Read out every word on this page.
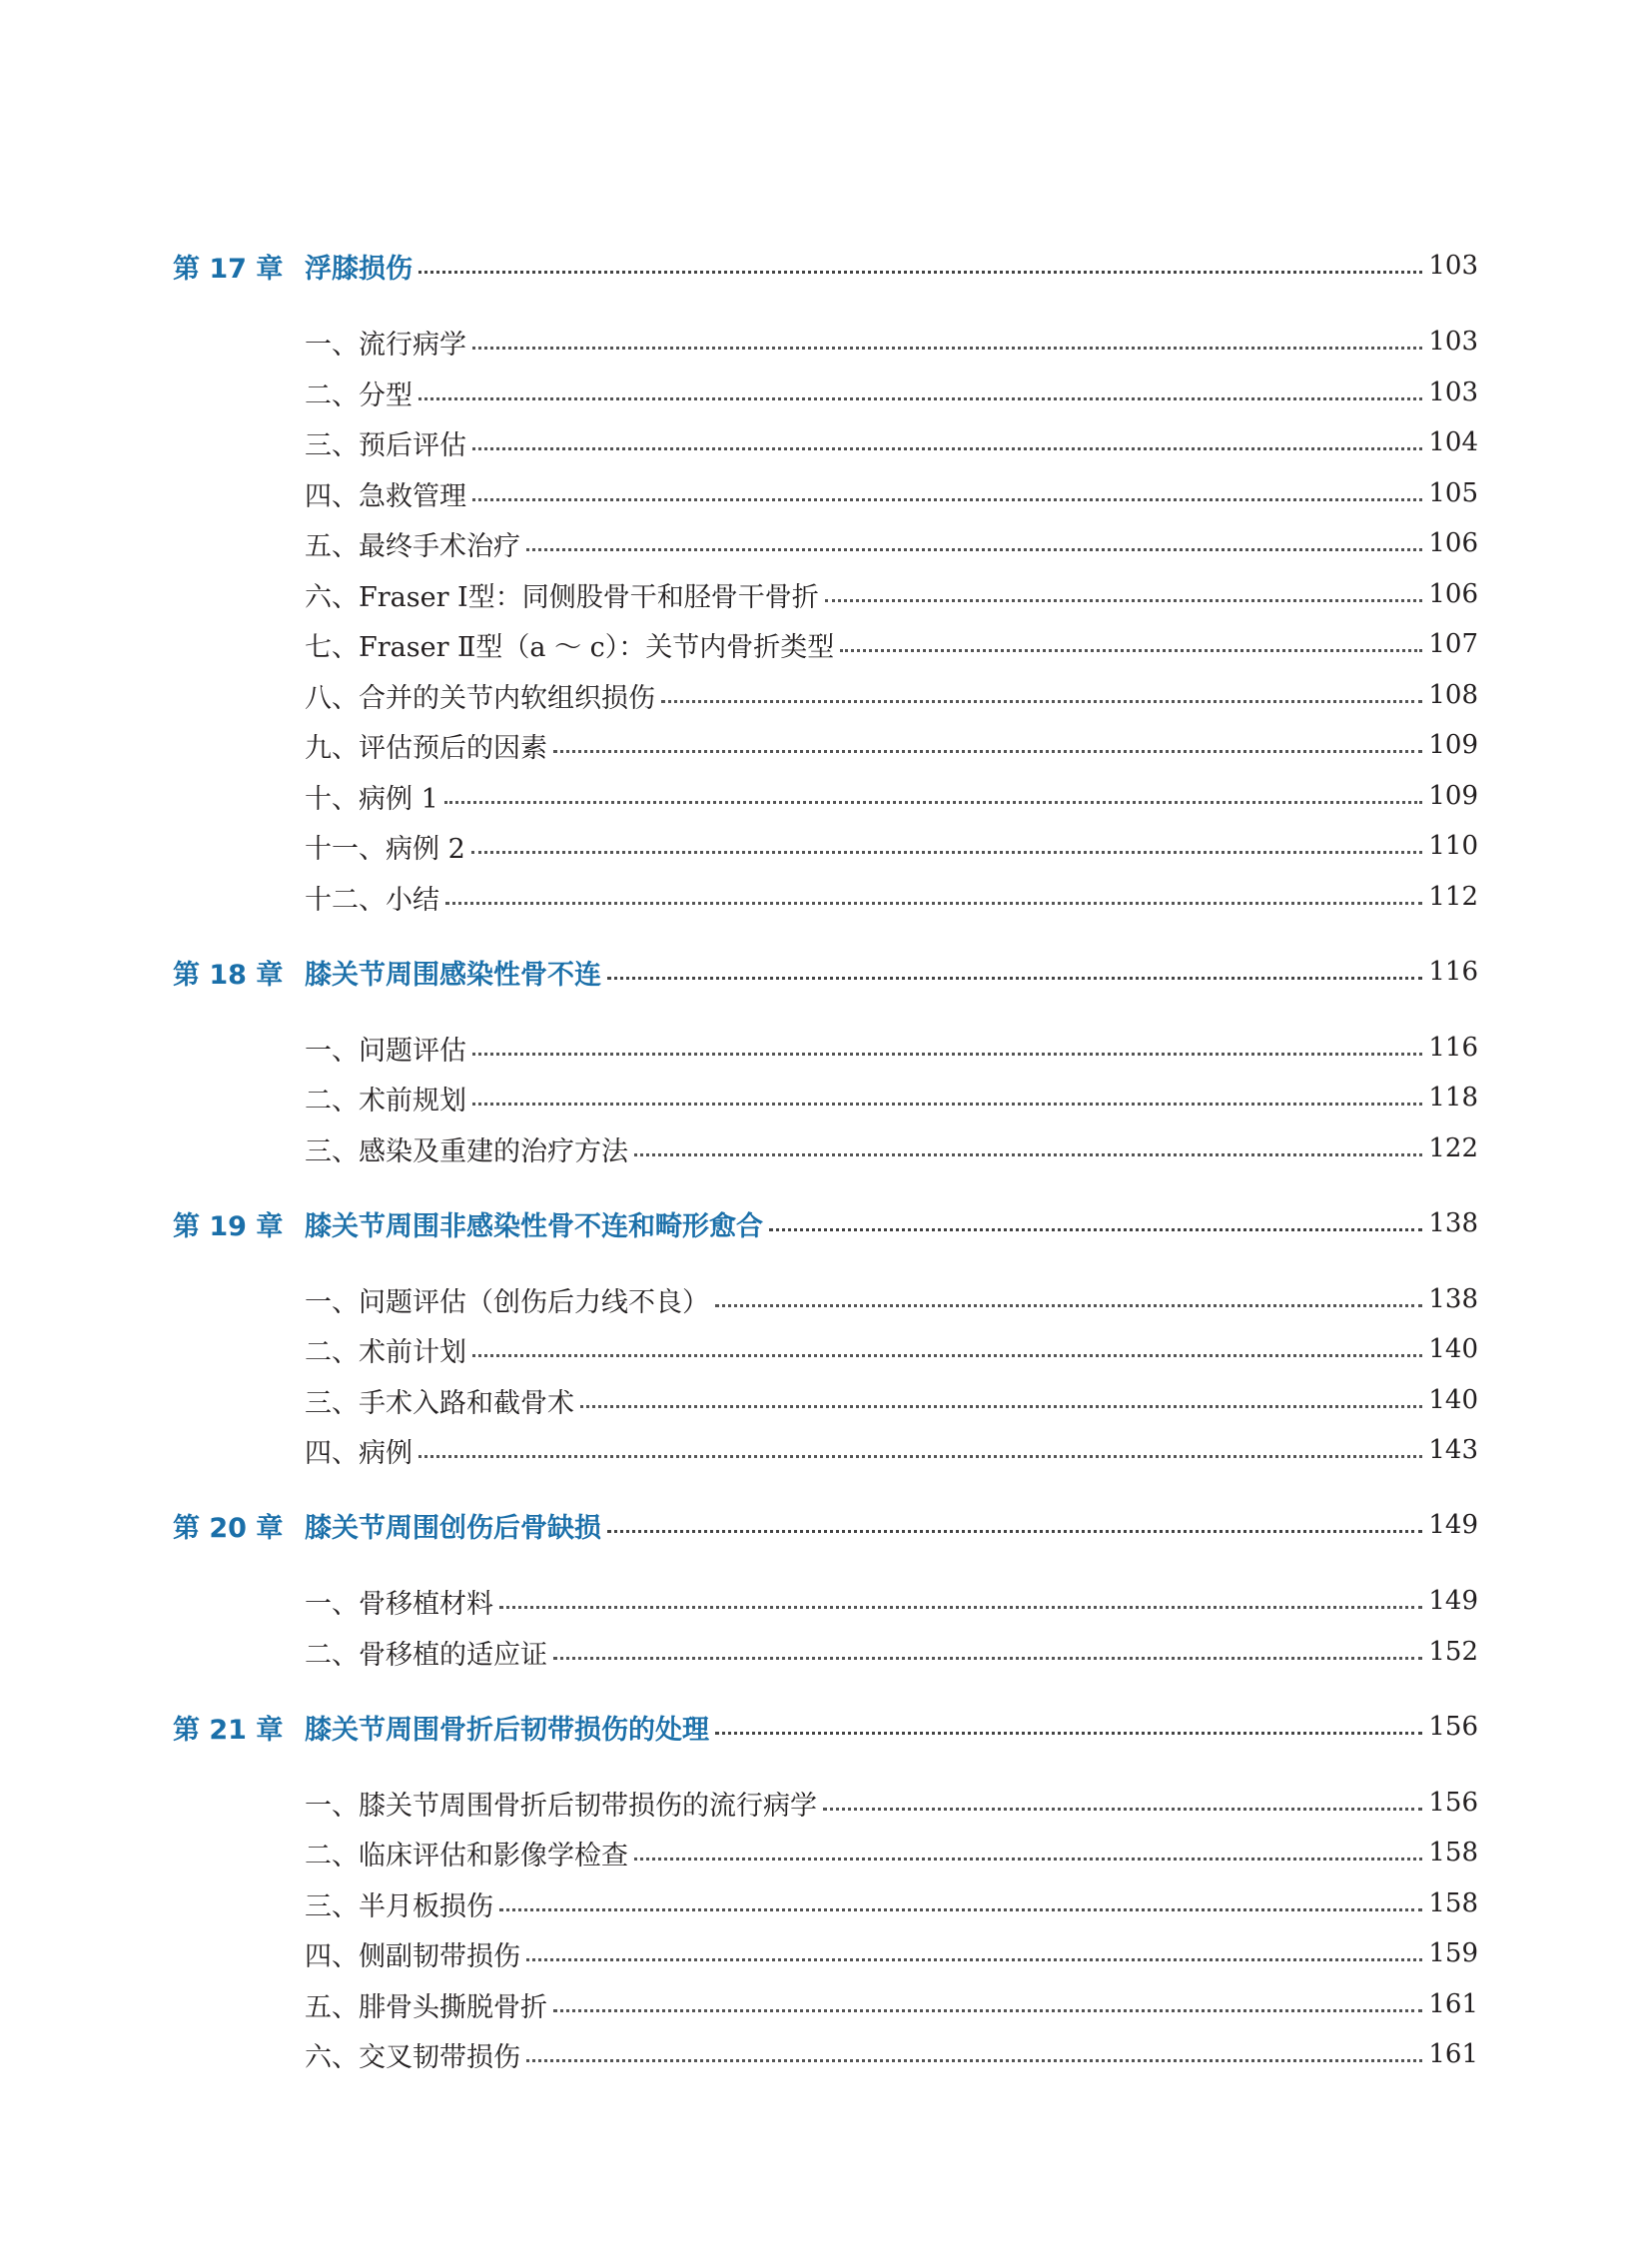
第 17 章 浮膝损伤	103
一、流行病学	103
二、分型	103
三、预后评估	104
四、急救管理	105
五、最终手术治疗	106
六、Fraser Ⅰ型：同侧股骨干和胫骨干骨折	106
七、Fraser Ⅱ型（a ～ c）：关节内骨折类型	107
八、合并的关节内软组织损伤	108
九、评估预后的因素	109
十、病例 1	109
十一、病例 2	110
十二、小结	112
第 18 章 膝关节周围感染性骨不连	116
一、问题评估	116
二、术前规划	118
三、感染及重建的治疗方法	122
第 19 章 膝关节周围非感染性骨不连和畸形愈合	138
一、问题评估（创伤后力线不良）	138
二、术前计划	140
三、手术入路和截骨术	140
四、病例	143
第 20 章 膝关节周围创伤后骨缺损	149
一、骨移植材料	149
二、骨移植的适应证	152
第 21 章 膝关节周围骨折后韧带损伤的处理	156
一、膝关节周围骨折后韧带损伤的流行病学	156
二、临床评估和影像学检查	158
三、半月板损伤	158
四、侧副韧带损伤	159
五、腓骨头撕脱骨折	161
六、交叉韧带损伤	161
